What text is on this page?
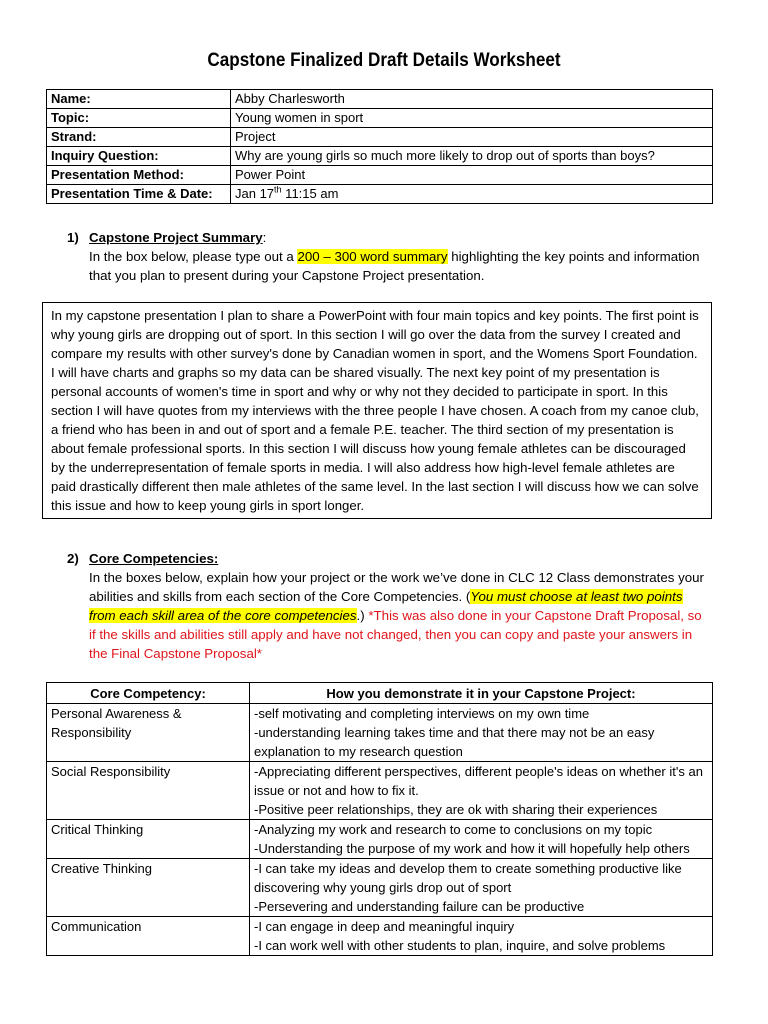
Capstone Finalized Draft Details Worksheet
Name:	Abby Charlesworth
Topic:	Young women in sport
Strand:	Project
Inquiry Question:	Why are young girls so much more likely to drop out of sports than boys?
Presentation Method:	Power Point
Presentation Time & Date:	Jan 17th 11:15 am
1) Capstone Project Summary:
In the box below, please type out a 200 – 300 word summary highlighting the key points and information that you plan to present during your Capstone Project presentation.
In my capstone presentation I plan to share a PowerPoint with four main topics and key points. The first point is why young girls are dropping out of sport. In this section I will go over the data from the survey I created and compare my results with other survey's done by Canadian women in sport, and the Womens Sport Foundation. I will have charts and graphs so my data can be shared visually. The next key point of my presentation is personal accounts of women's time in sport and why or why not they decided to participate in sport. In this section I will have quotes from my interviews with the three people I have chosen. A coach from my canoe club, a friend who has been in and out of sport and a female P.E. teacher. The third section of my presentation is about female professional sports. In this section I will discuss how young female athletes can be discouraged by the underrepresentation of female sports in media. I will also address how high-level female athletes are paid drastically different then male athletes of the same level. In the last section I will discuss how we can solve this issue and how to keep young girls in sport longer.
2) Core Competencies:
In the boxes below, explain how your project or the work we’ve done in CLC 12 Class demonstrates your abilities and skills from each section of the Core Competencies. (You must choose at least two points from each skill area of the core competencies.) *This was also done in your Capstone Draft Proposal, so if the skills and abilities still apply and have not changed, then you can copy and paste your answers in the Final Capstone Proposal*
Core Competency:	How you demonstrate it in your Capstone Project:
Personal Awareness & Responsibility	-self motivating and completing interviews on my own time

-understanding learning takes time and that there may not be an easy explanation to my research question

Social Responsibility	-Appreciating different perspectives, different people's ideas on whether it's an issue or not and how to fix it.

-Positive peer relationships, they are ok with sharing their experiences

Critical Thinking	-Analyzing my work and research to come to conclusions on my topic

-Understanding the purpose of my work and how it will hopefully help others

Creative Thinking	-I can take my ideas and develop them to create something productive like discovering why young girls drop out of sport

-Persevering and understanding failure can be productive

Communication	-I can engage in deep and meaningful inquiry

-I can work well with other students to plan, inquire, and solve problems
